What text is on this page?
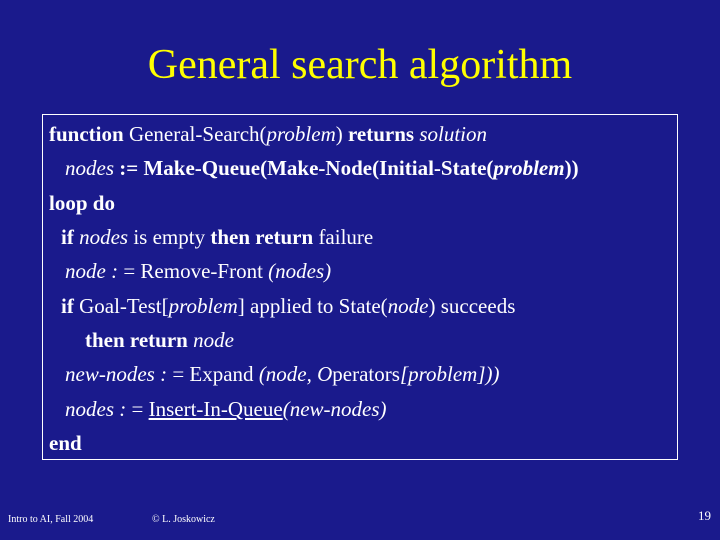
General search algorithm
function General-Search(problem) returns solution
nodes := Make-Queue(Make-Node(Initial-State(problem))
loop do
if nodes is empty then return failure
node : = Remove-Front (nodes)
if Goal-Test[problem] applied to State(node) succeeds
then return node
new-nodes : = Expand (node, Operators[problem]))
nodes : = Insert-In-Queue(new-nodes)
end
Intro to AI, Fall 2004	© L. Joskowicz	19
